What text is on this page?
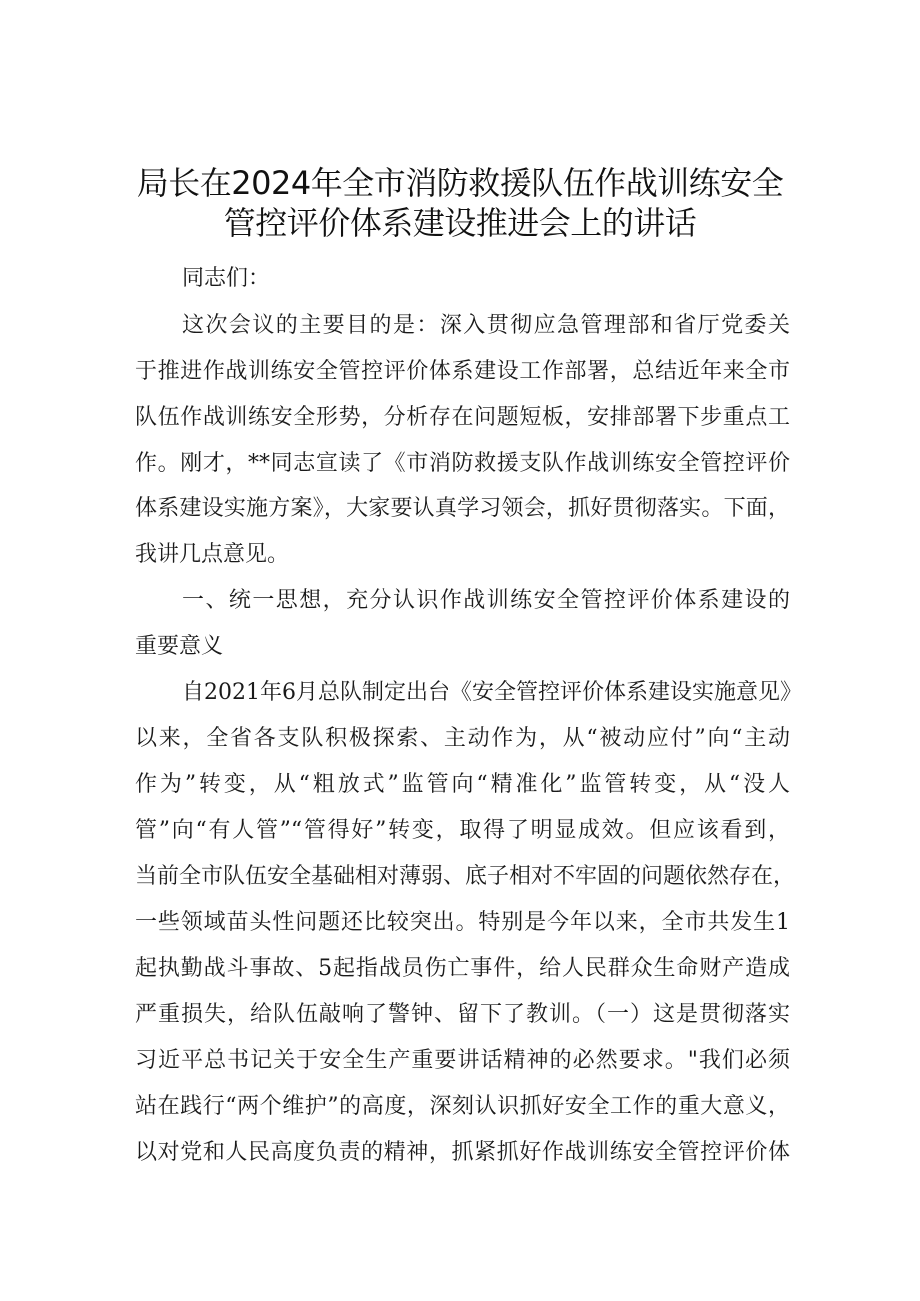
局长在2024年全市消防救援队伍作战训练安全
管控评价体系建设推进会上的讲话
同志们：
这次会议的主要目的是：深入贯彻应急管理部和省厅党委关
于推进作战训练安全管控评价体系建设工作部署，总结近年来全市
队伍作战训练安全形势，分析存在问题短板，安排部署下步重点工
作。刚才，**同志宣读了《市消防救援支队作战训练安全管控评价
体系建设实施方案》，大家要认真学习领会，抓好贯彻落实。下面，
我讲几点意见。
一、统一思想，充分认识作战训练安全管控评价体系建设的
重要意义
自2021年6月总队制定出台《安全管控评价体系建设实施意见》
以来，全省各支队积极探索、主动作为，从“被动应付”向“主动
作为”转变，从“粗放式”监管向“精准化”监管转变，从“没人
管”向“有人管”“管得好”转变，取得了明显成效。但应该看到，
当前全市队伍安全基础相对薄弱、底子相对不牢固的问题依然存在，
一些领域苗头性问题还比较突出。特别是今年以来，全市共发生1
起执勤战斗事故、5起指战员伤亡事件，给人民群众生命财产造成
严重损失，给队伍敲响了警钟、留下了教训。（一）这是贯彻落实
习近平总书记关于安全生产重要讲话精神的必然要求。"我们必须
站在践行“两个维护”的高度，深刻认识抓好安全工作的重大意义，
以对党和人民高度负责的精神，抓紧抓好作战训练安全管控评价体
